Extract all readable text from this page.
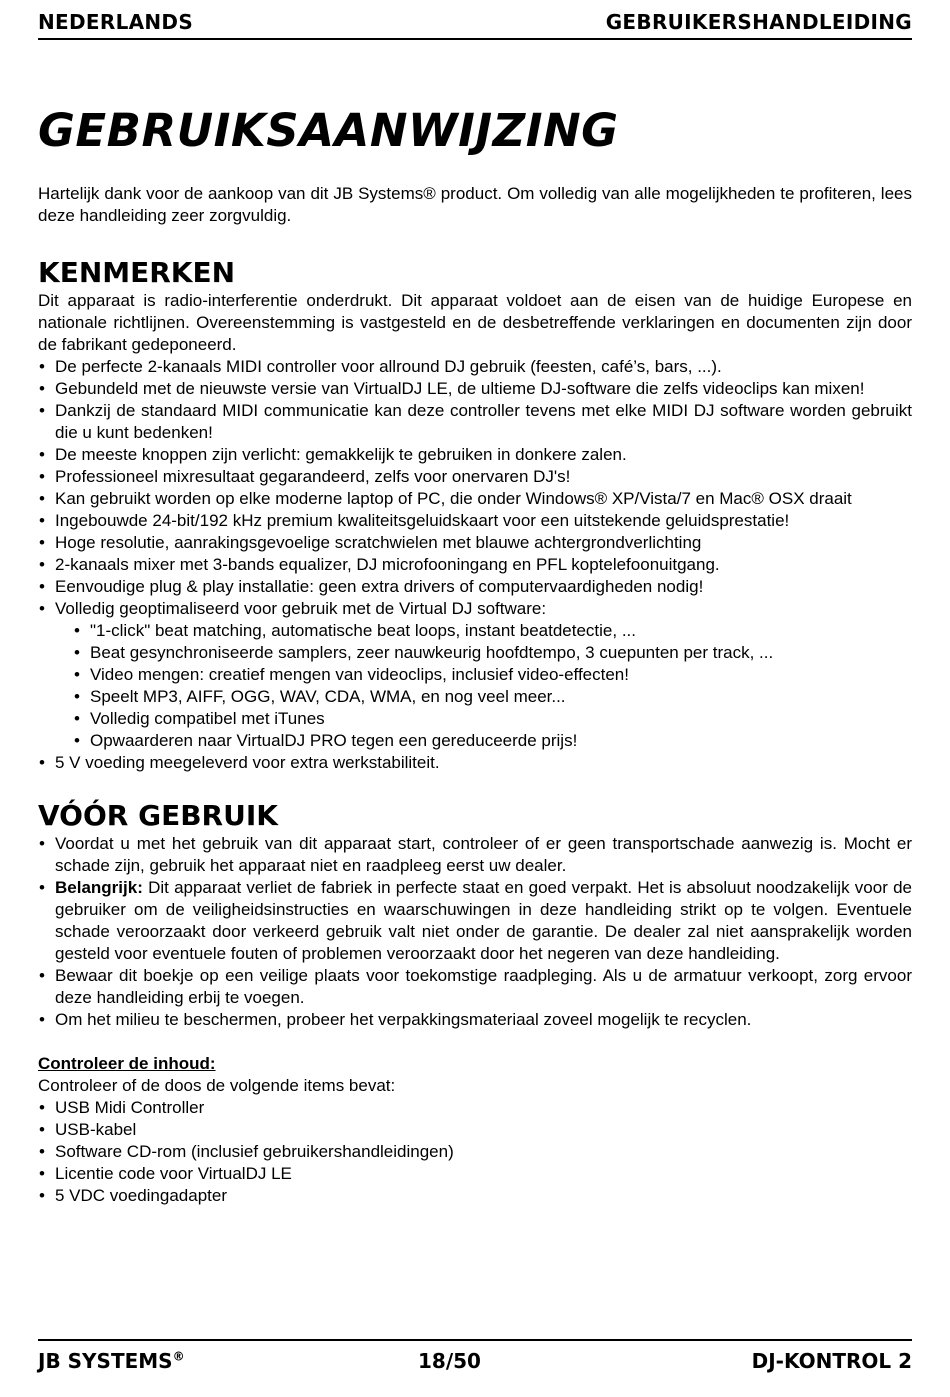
NEDERLANDS	GEBRUIKERSHANDLEIDING
GEBRUIKSAANWIJZING

Hartelijk dank voor de aankoop van dit JB Systems® product. Om volledig van alle mogelijkheden te profiteren, lees deze handleiding zeer zorgvuldig.

KENMERKEN

Dit apparaat is radio-interferentie onderdrukt. Dit apparaat voldoet aan de eisen van de huidige Europese en nationale richtlijnen. Overeenstemming is vastgesteld en de desbetreffende verklaringen en documenten zijn door de fabrikant gedeponeerd.

• De perfecte 2-kanaals MIDI controller voor allround DJ gebruik (feesten, café’s, bars, ...).
• Gebundeld met de nieuwste versie van VirtualDJ LE, de ultieme DJ-software die zelfs videoclips kan mixen!
• Dankzij de standaard MIDI communicatie kan deze controller tevens met elke MIDI DJ software worden gebruikt die u kunt bedenken!
• De meeste knoppen zijn verlicht: gemakkelijk te gebruiken in donkere zalen.
• Professioneel mixresultaat gegarandeerd, zelfs voor onervaren DJ's!
• Kan gebruikt worden op elke moderne laptop of PC, die onder Windows® XP/Vista/7 en Mac® OSX draait
• Ingebouwde 24-bit/192 kHz premium kwaliteitsgeluidskaart voor een uitstekende geluidsprestatie!
• Hoge resolutie, aanrakingsgevoelige scratchwielen met blauwe achtergrondverlichting
• 2-kanaals mixer met 3-bands equalizer, DJ microfooningang en PFL koptelefoonuitgang.
• Eenvoudige plug & play installatie: geen extra drivers of computervaardigheden nodig!
• Volledig geoptimaliseerd voor gebruik met de Virtual DJ software:
• "1-click" beat matching, automatische beat loops, instant beatdetectie, ...
• Beat gesynchroniseerde samplers, zeer nauwkeurig hoofdtempo, 3 cuepunten per track, ...
• Video mengen: creatief mengen van videoclips, inclusief video-effecten!
• Speelt MP3, AIFF, OGG, WAV, CDA, WMA, en nog veel meer...
• Volledig compatibel met iTunes
• Opwaarderen naar VirtualDJ PRO tegen een gereduceerde prijs!
• 5 V voeding meegeleverd voor extra werkstabiliteit.
VÓÓR GEBRUIK
• Voordat u met het gebruik van dit apparaat start, controleer of er geen transportschade aanwezig is. Mocht er schade zijn, gebruik het apparaat niet en raadpleeg eerst uw dealer.
• Belangrijk: Dit apparaat verliet de fabriek in perfecte staat en goed verpakt. Het is absoluut noodzakelijk voor de gebruiker om de veiligheidsinstructies en waarschuwingen in deze handleiding strikt op te volgen. Eventuele schade veroorzaakt door verkeerd gebruik valt niet onder de garantie. De dealer zal niet aansprakelijk worden gesteld voor eventuele fouten of problemen veroorzaakt door het negeren van deze handleiding.
• Bewaar dit boekje op een veilige plaats voor toekomstige raadpleging. Als u de armatuur verkoopt, zorg ervoor deze handleiding erbij te voegen.
• Om het milieu te beschermen, probeer het verpakkingsmateriaal zoveel mogelijk te recyclen.

Controleer de inhoud:

Controleer of de doos de volgende items bevat:

• USB Midi Controller
• USB-kabel
• Software CD-rom (inclusief gebruikershandleidingen)
• Licentie code voor VirtualDJ LE
• 5 VDC voedingadapter
JB SYSTEMS®	18/50	DJ-KONTROL 2
